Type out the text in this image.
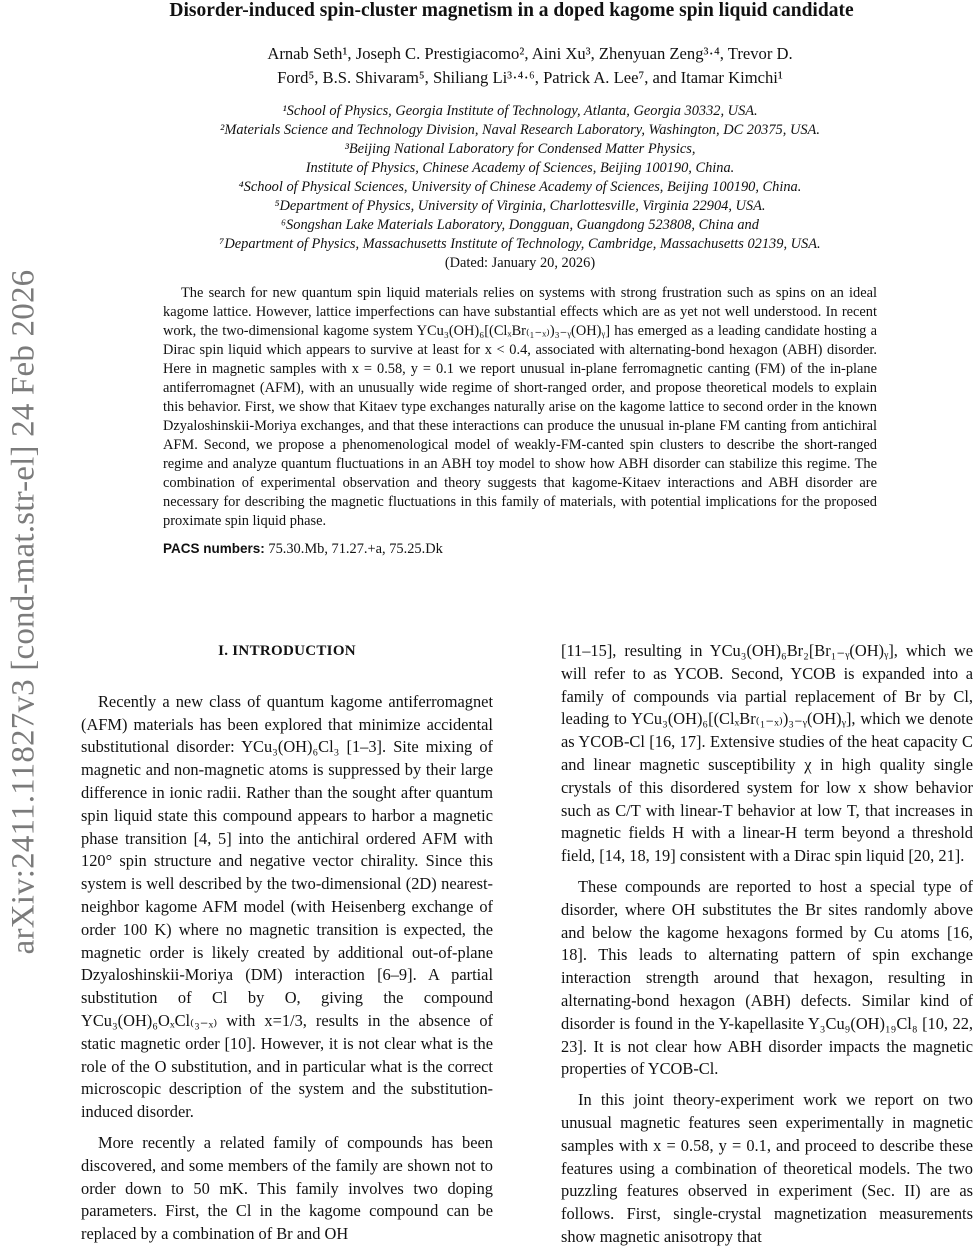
arXiv:2411.11827v3 [cond-mat.str-el] 24 Feb 2026
Disorder-induced spin-cluster magnetism in a doped kagome spin liquid candidate
Arnab Seth¹, Joseph C. Prestigiacomo², Aini Xu³, Zhenyuan Zeng³·⁴, Trevor D.
Ford⁵, B.S. Shivaram⁵, Shiliang Li³·⁴·⁶, Patrick A. Lee⁷, and Itamar Kimchi¹
¹School of Physics, Georgia Institute of Technology, Atlanta, Georgia 30332, USA.
²Materials Science and Technology Division, Naval Research Laboratory, Washington, DC 20375, USA.
³Beijing National Laboratory for Condensed Matter Physics,
Institute of Physics, Chinese Academy of Sciences, Beijing 100190, China.
⁴School of Physical Sciences, University of Chinese Academy of Sciences, Beijing 100190, China.
⁵Department of Physics, University of Virginia, Charlottesville, Virginia 22904, USA.
⁶Songshan Lake Materials Laboratory, Dongguan, Guangdong 523808, China and
⁷Department of Physics, Massachusetts Institute of Technology, Cambridge, Massachusetts 02139, USA.
(Dated: January 20, 2026)

The search for new quantum spin liquid materials relies on systems with strong frustration such as spins on an ideal kagome lattice. However, lattice imperfections can have substantial effects which are as yet not well understood. In recent work, the two-dimensional kagome system YCu₃(OH)₆[(ClₓBr₍₁₋ₓ₎)₃₋ᵧ(OH)ᵧ] has emerged as a leading candidate hosting a Dirac spin liquid which appears to survive at least for x < 0.4, associated with alternating-bond hexagon (ABH) disorder. Here in magnetic samples with x = 0.58, y = 0.1 we report unusual in-plane ferromagnetic canting (FM) of the in-plane antiferromagnet (AFM), with an unusually wide regime of short-ranged order, and propose theoretical models to explain this behavior. First, we show that Kitaev type exchanges naturally arise on the kagome lattice to second order in the known Dzyaloshinskii-Moriya exchanges, and that these interactions can produce the unusual in-plane FM canting from antichiral AFM. Second, we propose a phenomenological model of weakly-FM-canted spin clusters to describe the short-ranged regime and analyze quantum fluctuations in an ABH toy model to show how ABH disorder can stabilize this regime. The combination of experimental observation and theory suggests that kagome-Kitaev interactions and ABH disorder are necessary for describing the magnetic fluctuations in this family of materials, with potential implications for the proposed proximate spin liquid phase.

PACS numbers: 75.30.Mb, 71.27.+a, 75.25.Dk
I. INTRODUCTION

Recently a new class of quantum kagome antiferromagnet (AFM) materials has been explored that minimize accidental substitutional disorder: YCu₃(OH)₆Cl₃ [1–3]. Site mixing of magnetic and non-magnetic atoms is suppressed by their large difference in ionic radii. Rather than the sought after quantum spin liquid state this compound appears to harbor a magnetic phase transition [4, 5] into the antichiral ordered AFM with 120° spin structure and negative vector chirality. Since this system is well described by the two-dimensional (2D) nearest-neighbor kagome AFM model (with Heisenberg exchange of order 100 K) where no magnetic transition is expected, the magnetic order is likely created by additional out-of-plane Dzyaloshinskii-Moriya (DM) interaction [6–9]. A partial substitution of Cl by O, giving the compound YCu₃(OH)₆OₓCl₍₃₋ₓ₎ with x=1/3, results in the absence of static magnetic order [10]. However, it is not clear what is the role of the O substitution, and in particular what is the correct microscopic description of the system and the substitution-induced disorder.

More recently a related family of compounds has been discovered, and some members of the family are shown not to order down to 50 mK. This family involves two doping parameters. First, the Cl in the kagome compound can be replaced by a combination of Br and OH

[11–15], resulting in YCu₃(OH)₆Br₂[Br₁₋ᵧ(OH)ᵧ], which we will refer to as YCOB. Second, YCOB is expanded into a family of compounds via partial replacement of Br by Cl, leading to YCu₃(OH)₆[(ClₓBr₍₁₋ₓ₎)₃₋ᵧ(OH)ᵧ], which we denote as YCOB-Cl [16, 17]. Extensive studies of the heat capacity C and linear magnetic susceptibility χ in high quality single crystals of this disordered system for low x show behavior such as C/T with linear-T behavior at low T, that increases in magnetic fields H with a linear-H term beyond a threshold field, [14, 18, 19] consistent with a Dirac spin liquid [20, 21].

These compounds are reported to host a special type of disorder, where OH substitutes the Br sites randomly above and below the kagome hexagons formed by Cu atoms [16, 18]. This leads to alternating pattern of spin exchange interaction strength around that hexagon, resulting in alternating-bond hexagon (ABH) defects. Similar kind of disorder is found in the Y-kapellasite Y₃Cu₉(OH)₁₉Cl₈ [10, 22, 23]. It is not clear how ABH disorder impacts the magnetic properties of YCOB-Cl.

In this joint theory-experiment work we report on two unusual magnetic features seen experimentally in magnetic samples with x = 0.58, y = 0.1, and proceed to describe these features using a combination of theoretical models. The two puzzling features observed in experiment (Sec. II) are as follows. First, single-crystal magnetization measurements show magnetic anisotropy that
